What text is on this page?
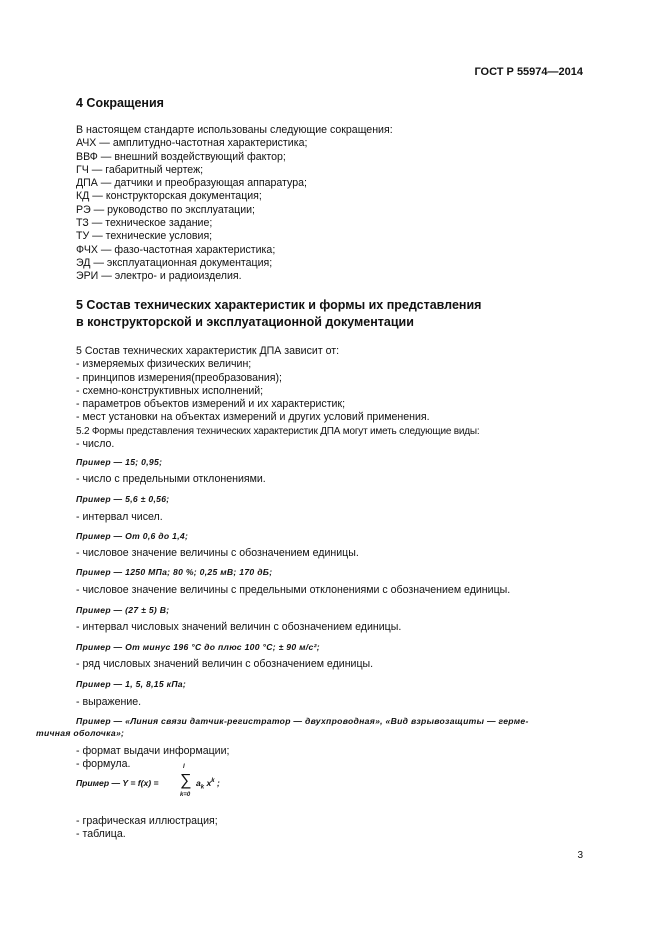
ГОСТ Р 55974—2014
4 Сокращения
В настоящем стандарте использованы следующие сокращения:
АЧХ — амплитудно-частотная характеристика;
ВВФ — внешний воздействующий фактор;
ГЧ — габаритный чертеж;
ДПА — датчики и преобразующая аппаратура;
КД — конструкторская документация;
РЭ — руководство по эксплуатации;
ТЗ — техническое задание;
ТУ — технические условия;
ФЧХ — фазо-частотная характеристика;
ЭД — эксплуатационная документация;
ЭРИ — электро- и радиоизделия.
5 Состав технических характеристик и формы их представления
в конструкторской и эксплуатационной документации
5 Состав технических характеристик ДПА зависит от:
- измеряемых физических величин;
- принципов измерения(преобразования);
- схемно-конструктивных исполнений;
- параметров объектов измерений и их характеристик;
- мест установки на объектах измерений и других условий применения.
5.2 Формы представления технических характеристик ДПА могут иметь следующие виды:
- число.
Пример — 15; 0,95;
- число с предельными отклонениями.
Пример — 5,6 ± 0,56;
- интервал чисел.
Пример — От 0,6 до 1,4;
- числовое значение величины с обозначением единицы.
Пример — 1250 МПа; 80 %; 0,25 мВ; 170 дБ;
- числовое значение величины с предельными отклонениями с обозначением единицы.
Пример — (27 ± 5) В;
- интервал числовых значений величин с обозначением единицы.
Пример — От минус 196 °С до плюс 100 °С; ± 90 м/с²;
- ряд числовых значений величин с обозначением единицы.
Пример — 1, 5, 8,15 кПа;
- выражение.
Пример — «Линия связи датчик-регистратор — двухпроводная», «Вид взрывозащиты — герме-
тичная оболочка»;
- формат выдачи информации;
- формула.
Пример — Y = f(x) =
l
∑
k=0
$a_k$ $x^k$ ;
- графическая иллюстрация;
- таблица.
3
